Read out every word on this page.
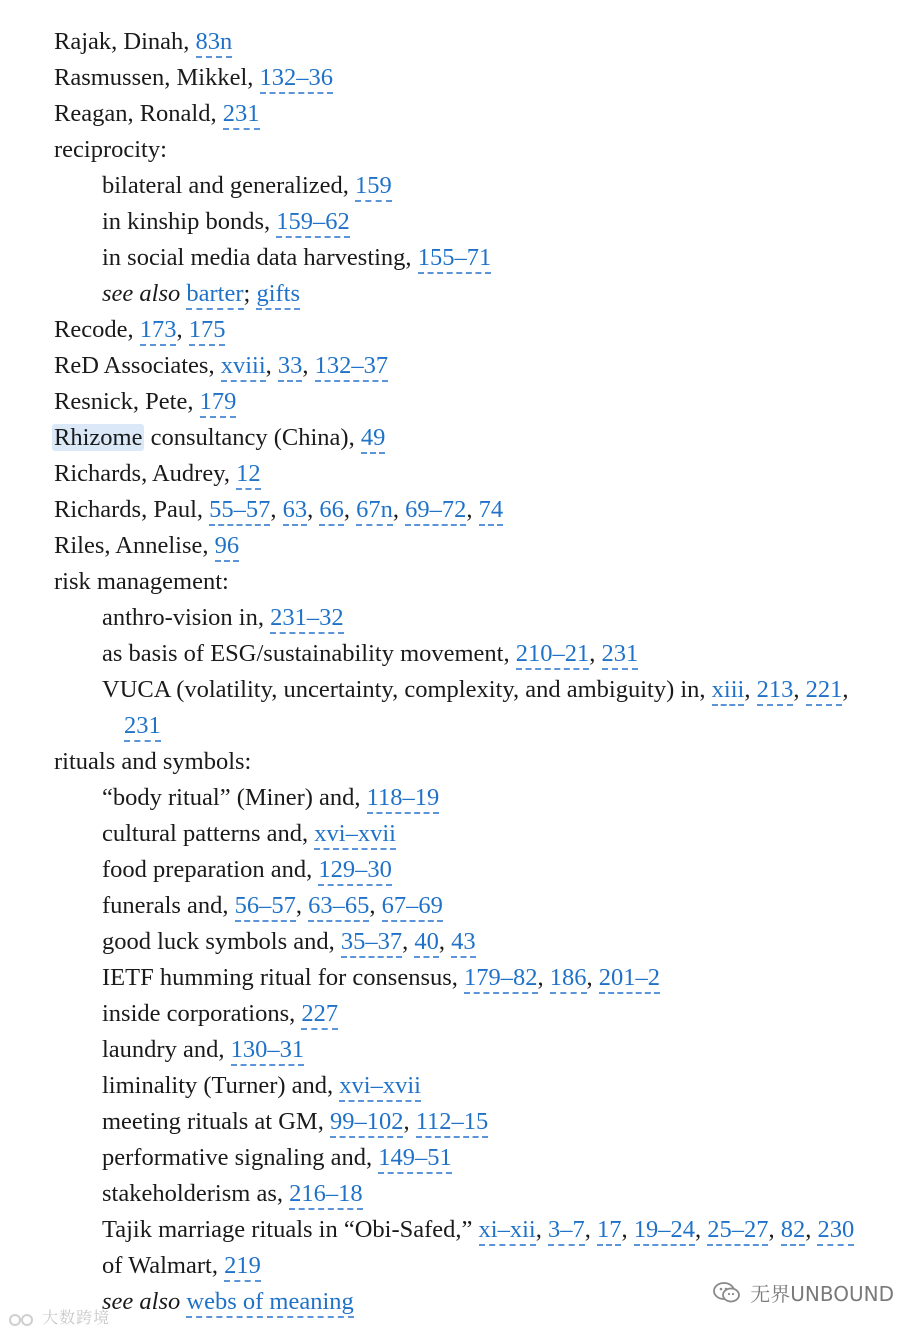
Rajak, Dinah, 83n
Rasmussen, Mikkel, 132–36
Reagan, Ronald, 231
reciprocity:
bilateral and generalized, 159
in kinship bonds, 159–62
in social media data harvesting, 155–71
see also barter; gifts
Recode, 173, 175
ReD Associates, xviii, 33, 132–37
Resnick, Pete, 179
Rhizome consultancy (China), 49
Richards, Audrey, 12
Richards, Paul, 55–57, 63, 66, 67n, 69–72, 74
Riles, Annelise, 96
risk management:
anthro-vision in, 231–32
as basis of ESG/sustainability movement, 210–21, 231
VUCA (volatility, uncertainty, complexity, and ambiguity) in, xiii, 213, 221,
231
rituals and symbols:
“body ritual” (Miner) and, 118–19
cultural patterns and, xvi–xvii
food preparation and, 129–30
funerals and, 56–57, 63–65, 67–69
good luck symbols and, 35–37, 40, 43
IETF humming ritual for consensus, 179–82, 186, 201–2
inside corporations, 227
laundry and, 130–31
liminality (Turner) and, xvi–xvii
meeting rituals at GM, 99–102, 112–15
performative signaling and, 149–51
stakeholderism as, 216–18
Tajik marriage rituals in “Obi-Safed,” xi–xii, 3–7, 17, 19–24, 25–27, 82, 230
of Walmart, 219
see also webs of meaning
大数跨境
无界UNBOUND
